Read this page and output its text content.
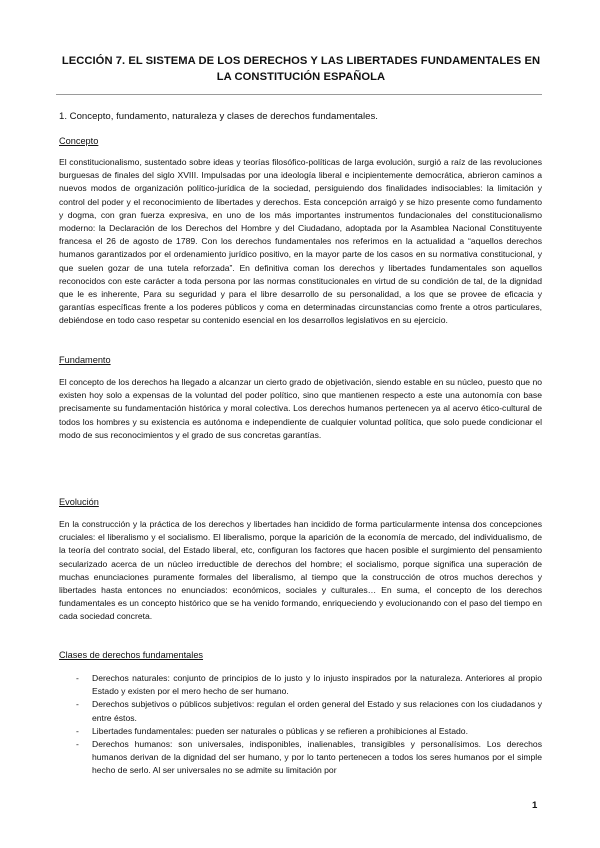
LECCIÓN 7. EL SISTEMA DE LOS DERECHOS Y LAS LIBERTADES FUNDAMENTALES EN LA CONSTITUCIÓN ESPAÑOLA
1. Concepto, fundamento, naturaleza y clases de derechos fundamentales.
Concepto

El constitucionalismo, sustentado sobre ideas y teorías filosófico-políticas de larga evolución, surgió a raíz de las revoluciones burguesas de finales del siglo XVIII. Impulsadas por una ideología liberal e incipientemente democrática, abrieron caminos a nuevos modos de organización político-jurídica de la sociedad, persiguiendo dos finalidades indisociables: la limitación y control del poder y el reconocimiento de libertades y derechos. Esta concepción arraigó y se hizo presente como fundamento y dogma, con gran fuerza expresiva, en uno de los más importantes instrumentos fundacionales del constitucionalismo moderno: la Declaración de los Derechos del Hombre y del Ciudadano, adoptada por la Asamblea Nacional Constituyente francesa el 26 de agosto de 1789. Con los derechos fundamentales nos referimos en la actualidad a “aquellos derechos humanos garantizados por el ordenamiento jurídico positivo, en la mayor parte de los casos en su normativa constitucional, y que suelen gozar de una tutela reforzada”. En definitiva coman los derechos y libertades fundamentales son aquellos reconocidos con este carácter a toda persona por las normas constitucionales en virtud de su condición de tal, de la dignidad que le es inherente, Para su seguridad y para el libre desarrollo de su personalidad, a los que se provee de eficacia y garantías específicas frente a los poderes públicos y coma en determinadas circunstancias como frente a otros particulares, debiéndose en todo caso respetar su contenido esencial en los desarrollos legislativos en su ejercicio.

Fundamento

El concepto de los derechos ha llegado a alcanzar un cierto grado de objetivación, siendo estable en su núcleo, puesto que no existen hoy solo a expensas de la voluntad del poder político, sino que mantienen respecto a este una autonomía con base precisamente su fundamentación histórica y moral colectiva. Los derechos humanos pertenecen ya al acervo ético-cultural de todos los hombres y su existencia es autónoma e independiente de cualquier voluntad política, que solo puede condicionar el modo de sus reconocimientos y el grado de sus concretas garantías.

Evolución

En la construcción y la práctica de los derechos y libertades han incidido de forma particularmente intensa dos concepciones cruciales: el liberalismo y el socialismo. El liberalismo, porque la aparición de la economía de mercado, del individualismo, de la teoría del contrato social, del Estado liberal, etc, configuran los factores que hacen posible el surgimiento del pensamiento secularizado acerca de un núcleo irreductible de derechos del hombre; el socialismo, porque significa una superación de muchas enunciaciones puramente formales del liberalismo, al tiempo que la construcción de otros muchos derechos y libertades hasta entonces no enunciados: económicos, sociales y culturales… En suma, el concepto de los derechos fundamentales es un concepto histórico que se ha venido formando, enriqueciendo y evolucionando con el paso del tiempo en cada sociedad concreta.

Clases de derechos fundamentales
- Derechos naturales: conjunto de principios de lo justo y lo injusto inspirados por la naturaleza. Anteriores al propio Estado y existen por el mero hecho de ser humano.
- Derechos subjetivos o públicos subjetivos: regulan el orden general del Estado y sus relaciones con los ciudadanos y entre éstos.
- Libertades fundamentales: pueden ser naturales o públicas y se refieren a prohibiciones al Estado.
- Derechos humanos: son universales, indisponibles, inalienables, transigibles y personalísimos. Los derechos humanos derivan de la dignidad del ser humano, y por lo tanto pertenecen a todos los seres humanos por el simple hecho de serlo. Al ser universales no se admite su limitación por
1
